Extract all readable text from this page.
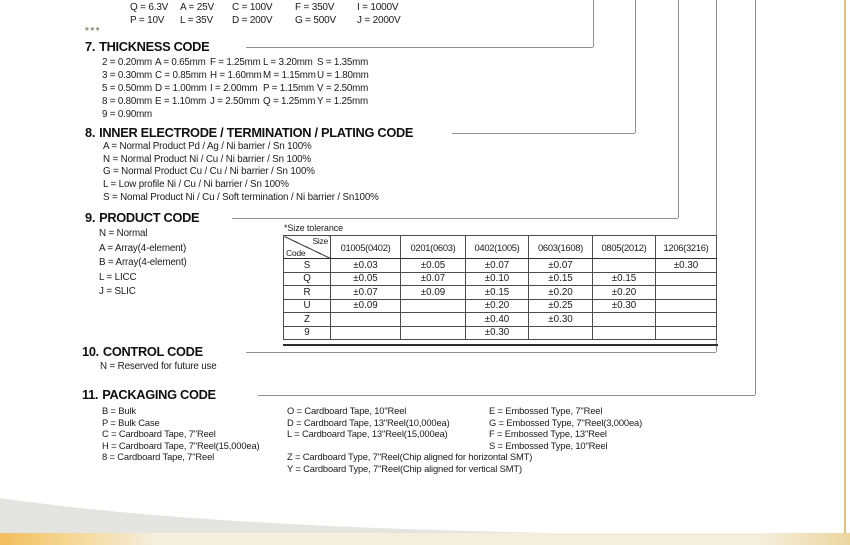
Q = 6.3V	A = 25V	C = 100V	F = 350V	I = 1000V
P = 10V	L = 35V	D = 200V	G = 500V	J = 2000V
***
7. THICKNESS CODE
2 = 0.20mm A = 0.65mm F = 1.25mm L = 3.20mm S = 1.35mm
3 = 0.30mm C = 0.85mm H = 1.60mm M = 1.15mm U = 1.80mm
5 = 0.50mm D = 1.00mm I = 2.00mm P = 1.15mm V = 2.50mm
8 = 0.80mm E = 1.10mm J = 2.50mm Q = 1.25mm Y = 1.25mm
9 = 0.90mm
8. INNER ELECTRODE / TERMINATION / PLATING CODE
A = Normal Product Pd / Ag / Ni barrier / Sn 100%
N = Normal Product Ni / Cu / Ni barrier / Sn 100%
G = Normal Product Cu / Cu / Ni barrier / Sn 100%
L = Low profile Ni / Cu / Ni barrier / Sn 100%
S = Nomal Product Ni / Cu / Soft termination / Ni barrier / Sn100%
9. PRODUCT CODE
N = Normal
A = Array(4-element)
B = Array(4-element)
L = LICC
J = SLIC
*Size tolerance
Size
Code	01005(0402)	0201(0603)	0402(1005)	0603(1608)	0805(2012)	1206(3216)
S	±0.03	±0.05	±0.07	±0.07		±0.30
Q	±0.05	±0.07	±0.10	±0.15	±0.15	
R	±0.07	±0.09	±0.15	±0.20	±0.20	
U	±0.09		±0.20	±0.25	±0.30	
Z			±0.40	±0.30		
9			±0.30			
10. CONTROL CODE
N = Reserved for future use
11. PACKAGING CODE
B = Bulk
P = Bulk Case
C = Cardboard Tape, 7"Reel
H = Cardboard Tape, 7"Reel(15,000ea)
8 = Cardboard Tape, 7"Reel
O = Cardboard Tape, 10"Reel
D = Cardboard Tape, 13"Reel(10,000ea)
L = Cardboard Tape, 13"Reel(15,000ea)

Z = Cardboard Type, 7"Reel(Chip aligned for horizontal SMT)
Y = Cardboard Type, 7"Reel(Chip aligned for vertical SMT)
E = Embossed Type, 7"Reel
G = Embossed Type, 7"Reel(3,000ea)
F = Embossed Type, 13"Reel
S = Embossed Type, 10"Reel
